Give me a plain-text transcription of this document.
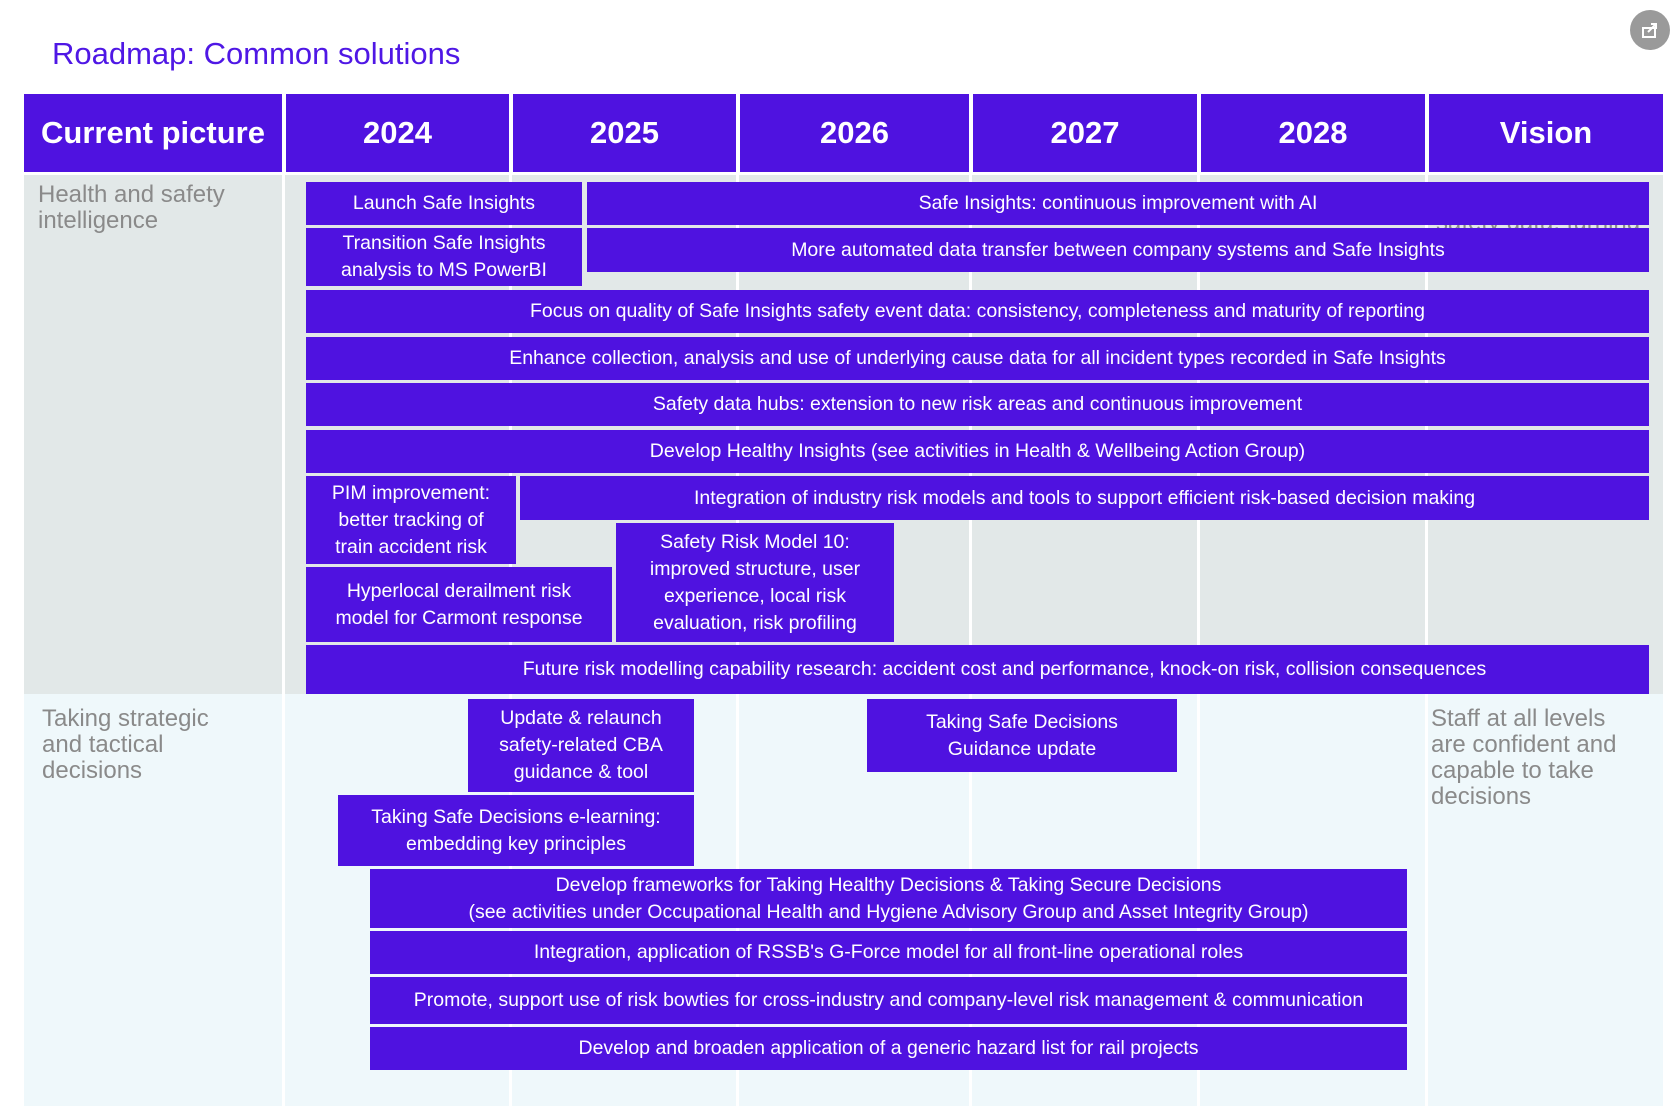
Roadmap: Common solutions
Current picture	2024	2025	2026	2027	2028	Vision
Health and safety intelligence
Taking strategic and tactical decisions
Staff at all levels are confident and capable to take decisions
Launch Safe Insights	Safe Insights: continuous improvement with AI
Transition Safe Insights
analysis to MS PowerBI
More automated data transfer between company systems and Safe Insights
Focus on quality of Safe Insights safety event data: consistency, completeness and maturity of reporting
Enhance collection, analysis and use of underlying cause data for all incident types recorded in Safe Insights
Safety data hubs: extension to new risk areas and continuous improvement
Develop Healthy Insights (see activities in Health & Wellbeing Action Group)
PIM improvement:
better tracking of
train accident risk
Integration of industry risk models and tools to support efficient risk-based decision making
Safety Risk Model 10:
improved structure, user
experience, local risk
evaluation, risk profiling
Hyperlocal derailment risk
model for Carmont response
Future risk modelling capability research: accident cost and performance, knock-on risk, collision consequences
Update & relaunch
safety-related CBA
guidance & tool
Taking Safe Decisions
Guidance update
Taking Safe Decisions e-learning:
embedding key principles
Develop frameworks for Taking Healthy Decisions & Taking Secure Decisions
(see activities under Occupational Health and Hygiene Advisory Group and Asset Integrity Group)
Integration, application of RSSB's G-Force model for all front-line operational roles
Promote, support use of risk bowties for cross-industry and company-level risk management & communication
Develop and broaden application of a generic hazard list for rail projects
